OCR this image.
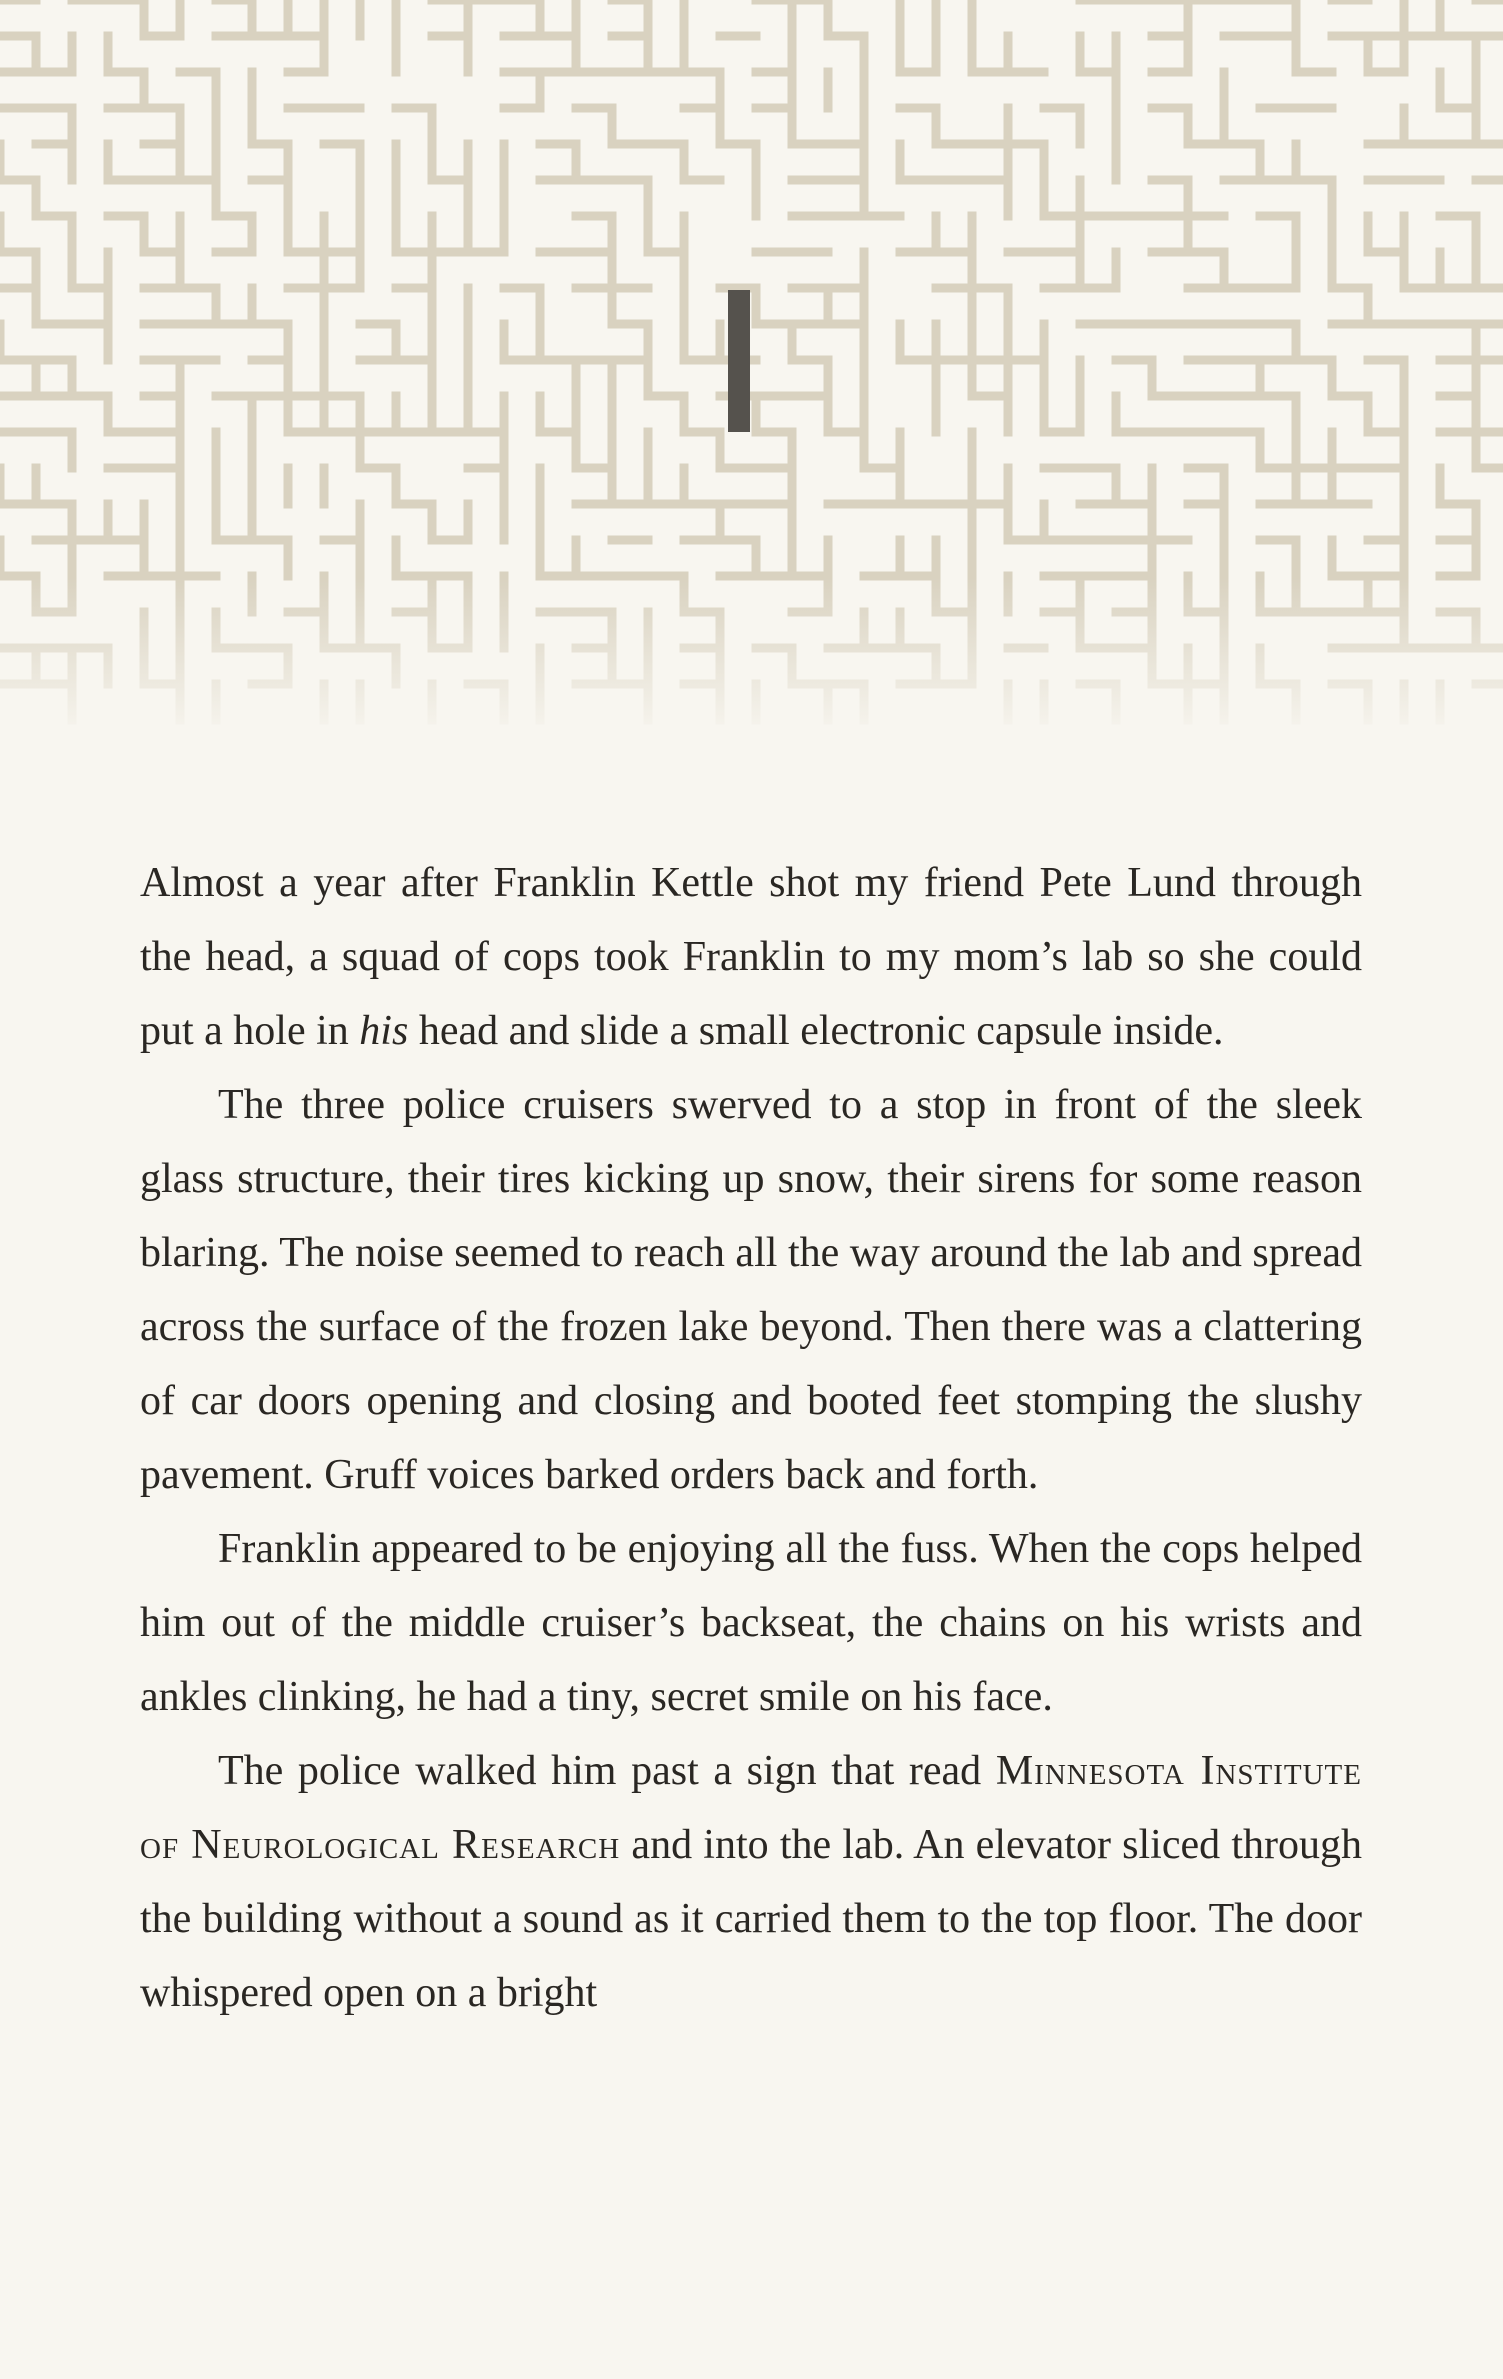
Almost a year after Franklin Kettle shot my friend Pete Lund through the head, a squad of cops took Franklin to my mom’s lab so she could put a hole in his head and slide a small electronic capsule inside.

The three police cruisers swerved to a stop in front of the sleek glass structure, their tires kicking up snow, their sirens for some reason blaring. The noise seemed to reach all the way around the lab and spread across the surface of the frozen lake beyond. Then there was a clattering of car doors opening and closing and booted feet stomping the slushy pavement. Gruff voices barked orders back and forth.

Franklin appeared to be enjoying all the fuss. When the cops helped him out of the middle cruiser’s backseat, the chains on his wrists and ankles clinking, he had a tiny, secret smile on his face.

The police walked him past a sign that read Minnesota Institute of Neurological Research and into the lab. An elevator sliced through the building without a sound as it carried them to the top floor. The door whispered open on a bright
